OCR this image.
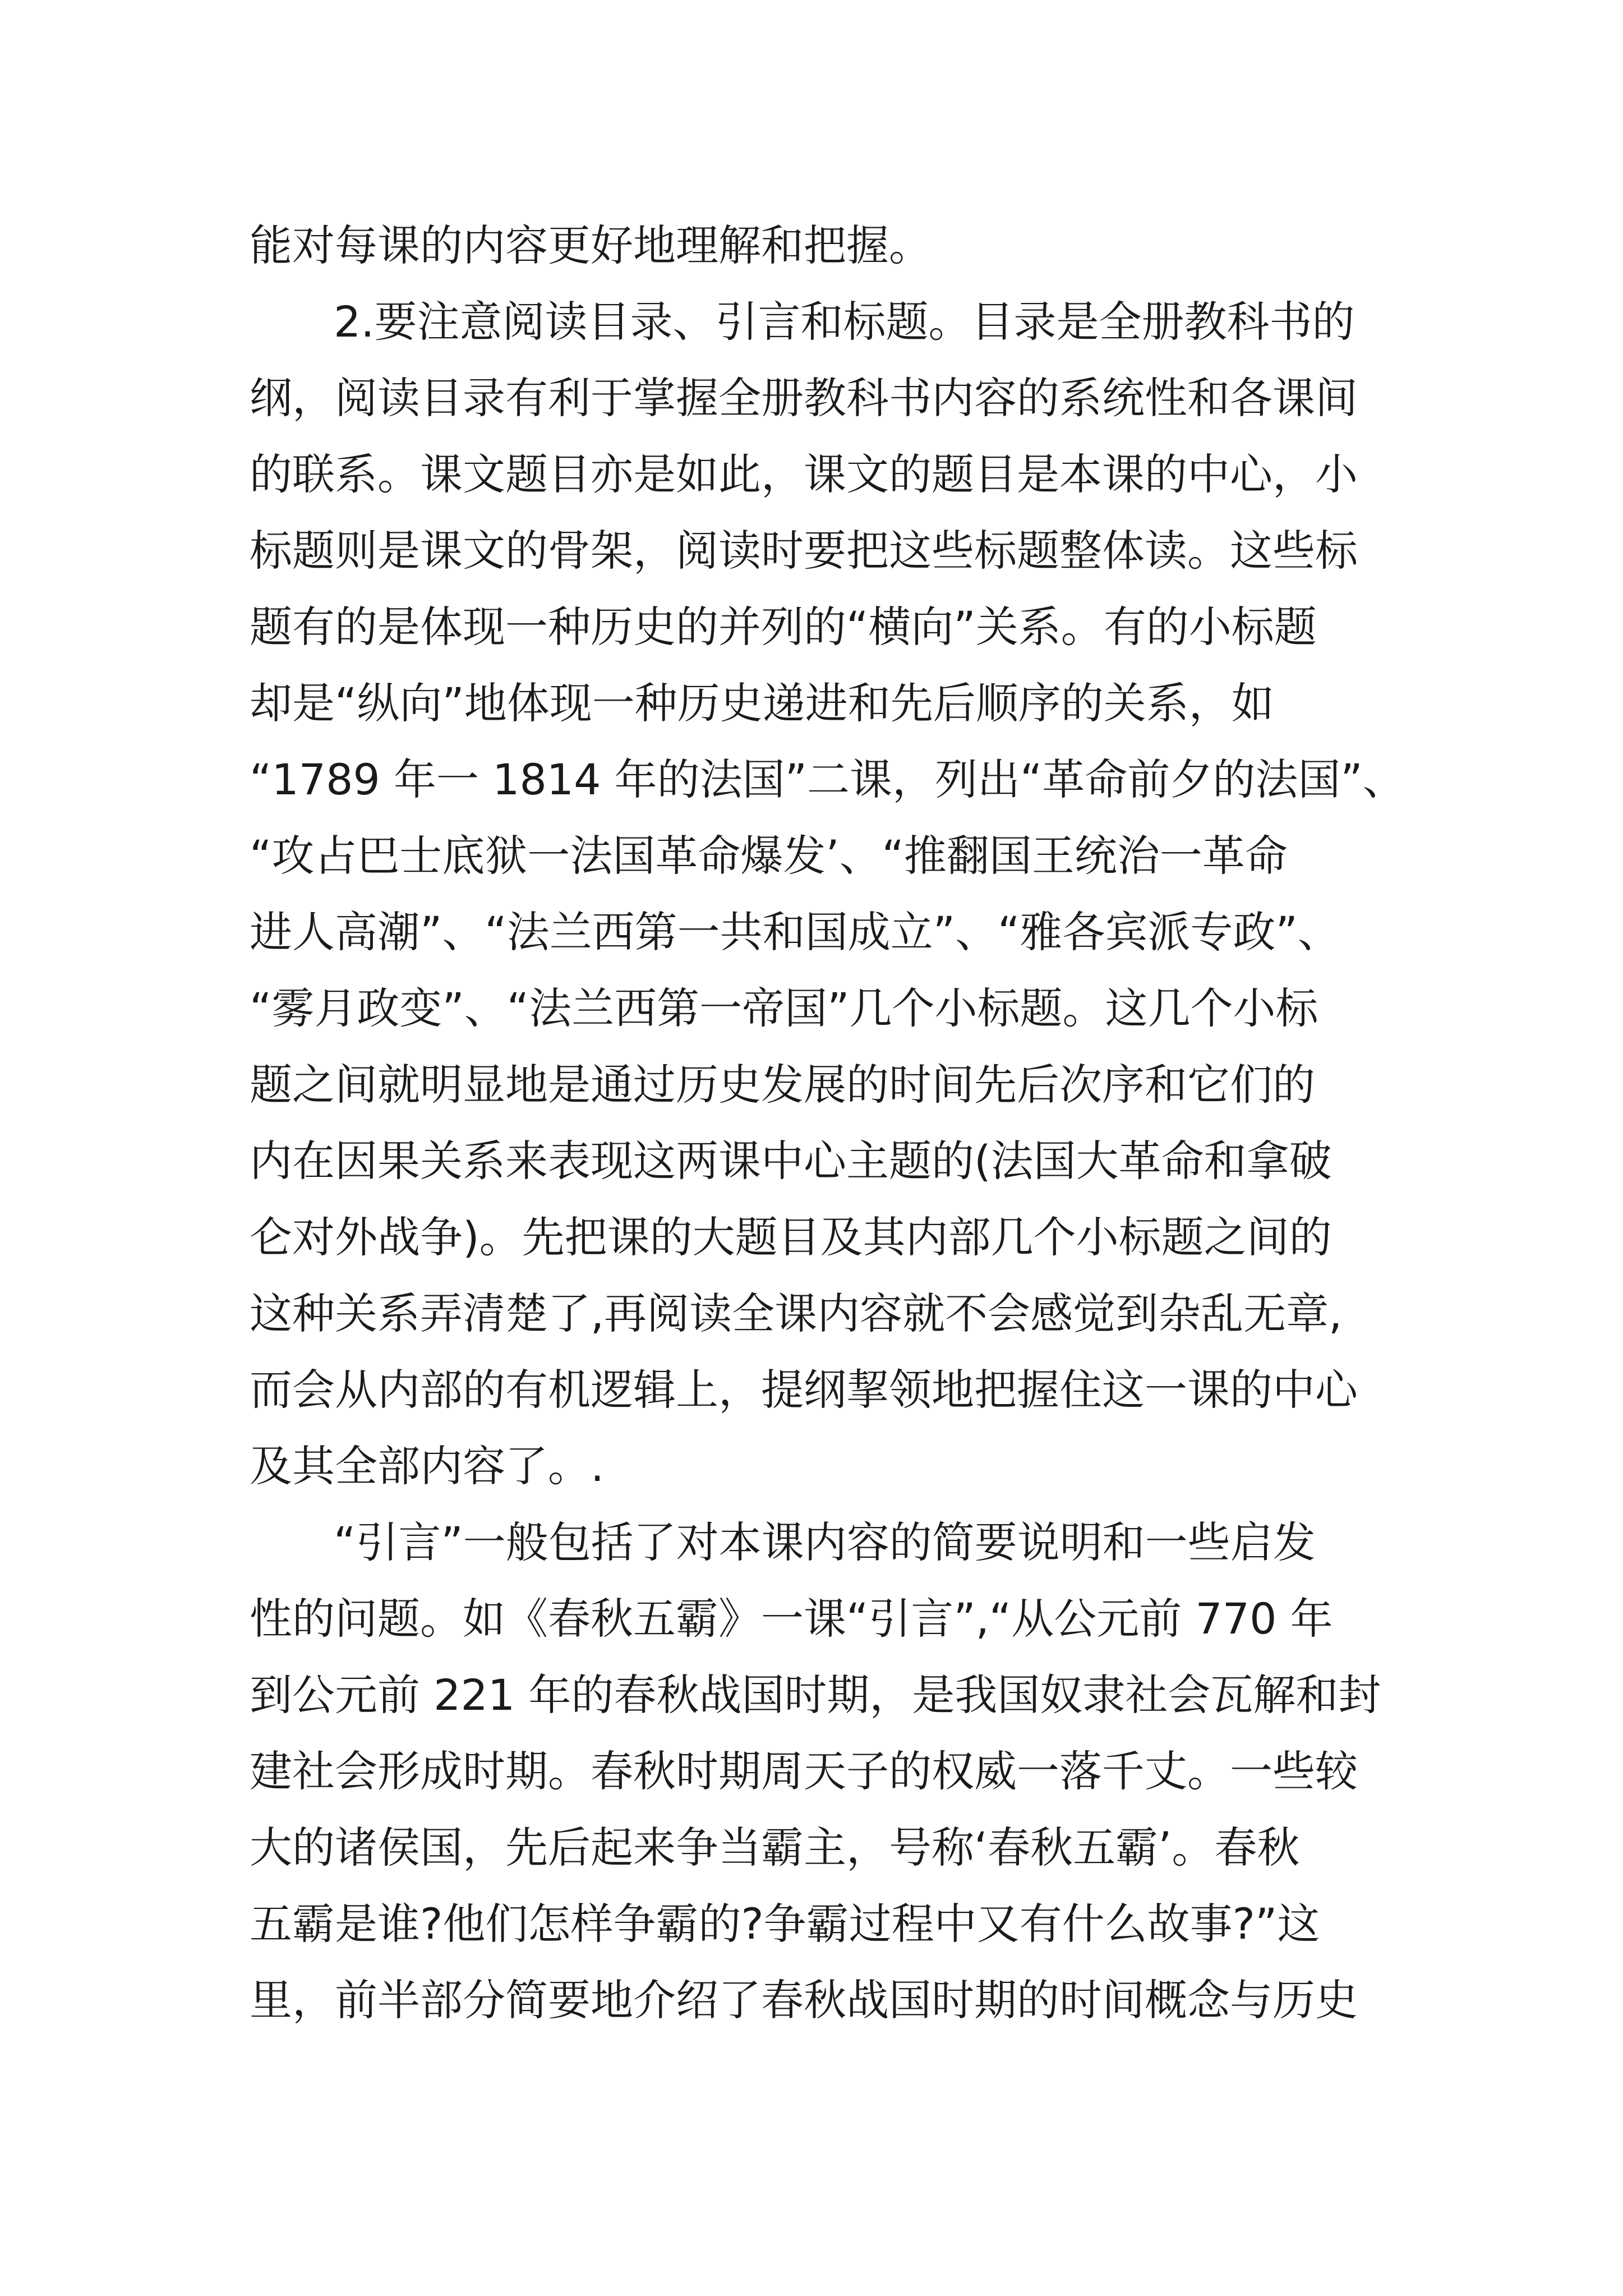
能对每课的内容更好地理解和把握。
2.要注意阅读目录、引言和标题。目录是全册教科书的
纲，阅读目录有利于掌握全册教科书内容的系统性和各课间
的联系。课文题目亦是如此，课文的题目是本课的中心，小
标题则是课文的骨架，阅读时要把这些标题整体读。这些标
题有的是体现一种历史的并列的“横向”关系。有的小标题
却是“纵向”地体现一种历史递进和先后顺序的关系，如
“1789 年一 1814 年的法国”二课，列出“革命前夕的法国”、
“攻占巴士底狱一法国革命爆发’、“推翻国王统治一革命
进人高潮”、“法兰西第一共和国成立”、“雅各宾派专政”、
“雾月政变”、“法兰西第一帝国”几个小标题。这几个小标
题之间就明显地是通过历史发展的时间先后次序和它们的
内在因果关系来表现这两课中心主题的(法国大革命和拿破
仑对外战争)。先把课的大题目及其内部几个小标题之间的
这种关系弄清楚了,再阅读全课内容就不会感觉到杂乱无章,
而会从内部的有机逻辑上，提纲挈领地把握住这一课的中心
及其全部内容了。.
“引言”一般包括了对本课内容的简要说明和一些启发
性的问题。如《春秋五霸》一课“引言”,“从公元前 770 年
到公元前 221 年的春秋战国时期，是我国奴隶社会瓦解和封
建社会形成时期。春秋时期周天子的权威一落千丈。一些较
大的诸侯国，先后起来争当霸主，号称‘春秋五霸’。春秋
五霸是谁?他们怎样争霸的?争霸过程中又有什么故事?”这
里，前半部分简要地介绍了春秋战国时期的时间概念与历史
